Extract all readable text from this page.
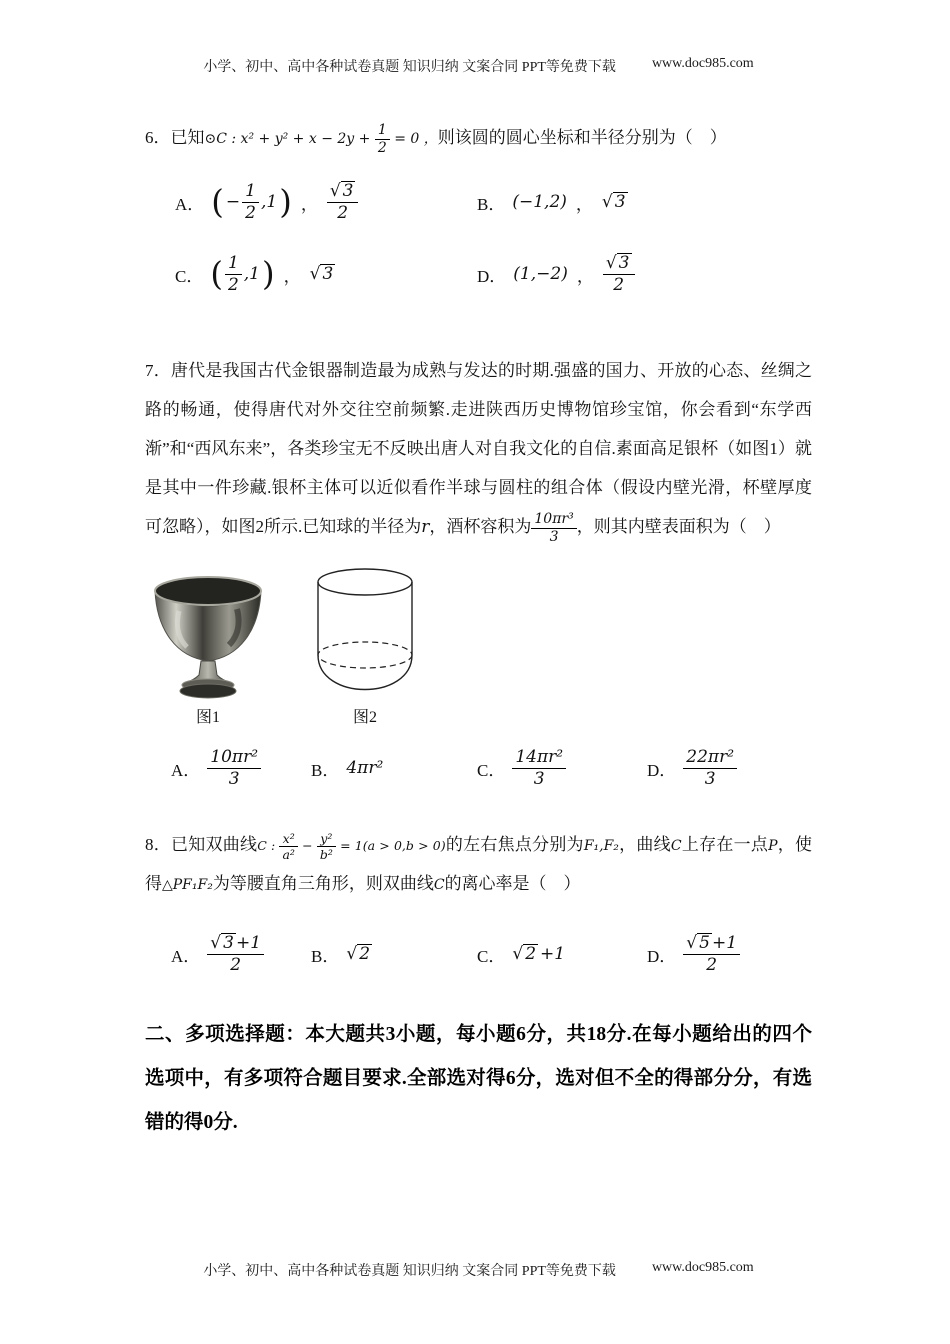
小学、初中、高中各种试卷真题 知识归纳 文案合同 PPT等免费下载	www.doc985.com

6．已知⊙C : $x^2 + y^2 + x - 2y + \frac{1}{2} = 0$ ，则该圆的圆心坐标和半径分别为（　）

A． ( − $\frac{1}{2} ,1$ ) ， $\frac{√ 3}{2}$	B． (−1,2) ， √ 3
C． ( $\frac{1}{2} ,1$ ) ， √ 3	D． (1,−2) ， $\frac{√ 3}{2}$

7．唐代是我国古代金银器制造最为成熟与发达的时期.强盛的国力、开放的心态、丝绸之路的畅通，使得唐代对外交往空前频繁.走进陕西历史博物馆珍宝馆，你会看到“东学西渐”和“西风东来”，各类珍宝无不反映出唐人对自我文化的自信.素面高足银杯（如图1）就是其中一件珍藏.银杯主体可以近似看作半球与圆柱的组合体（假设内壁光滑，杯壁厚度可忽略），如图2所示.已知球的半径为r，酒杯容积为 $\frac{\text{10πr³}}{3}$ ，则其内壁表面积为（　）

图1	图2
A． $\frac{\text{10πr²}}{3}$	B． 4πr²	C． $\frac{\text{14πr²}}{3}$	D． $\frac{\text{22πr²}}{3}$

8．已知双曲线C : $\frac{\text{x²}}{\text{a²}} - \frac{\text{y²}}{\text{b²}} = 1(a > 0,b > 0)$的左右焦点分别为F₁,F₂，曲线C上存在一点P，使得△PF₁F₂为等腰直角三角形，则双曲线C的离心率是（　）

A． $\frac{√ 3 +1}{2}$	B． √ 2	C． √ 2 +1	D． $\frac{√ 5 +1}{2}$
二、多项选择题：本大题共3小题，每小题6分，共18分.在每小题给出的四个选项中，有多项符合题目要求.全部选对得6分，选对但不全的得部分分，有选错的得0分.
小学、初中、高中各种试卷真题 知识归纳 文案合同 PPT等免费下载	www.doc985.com
